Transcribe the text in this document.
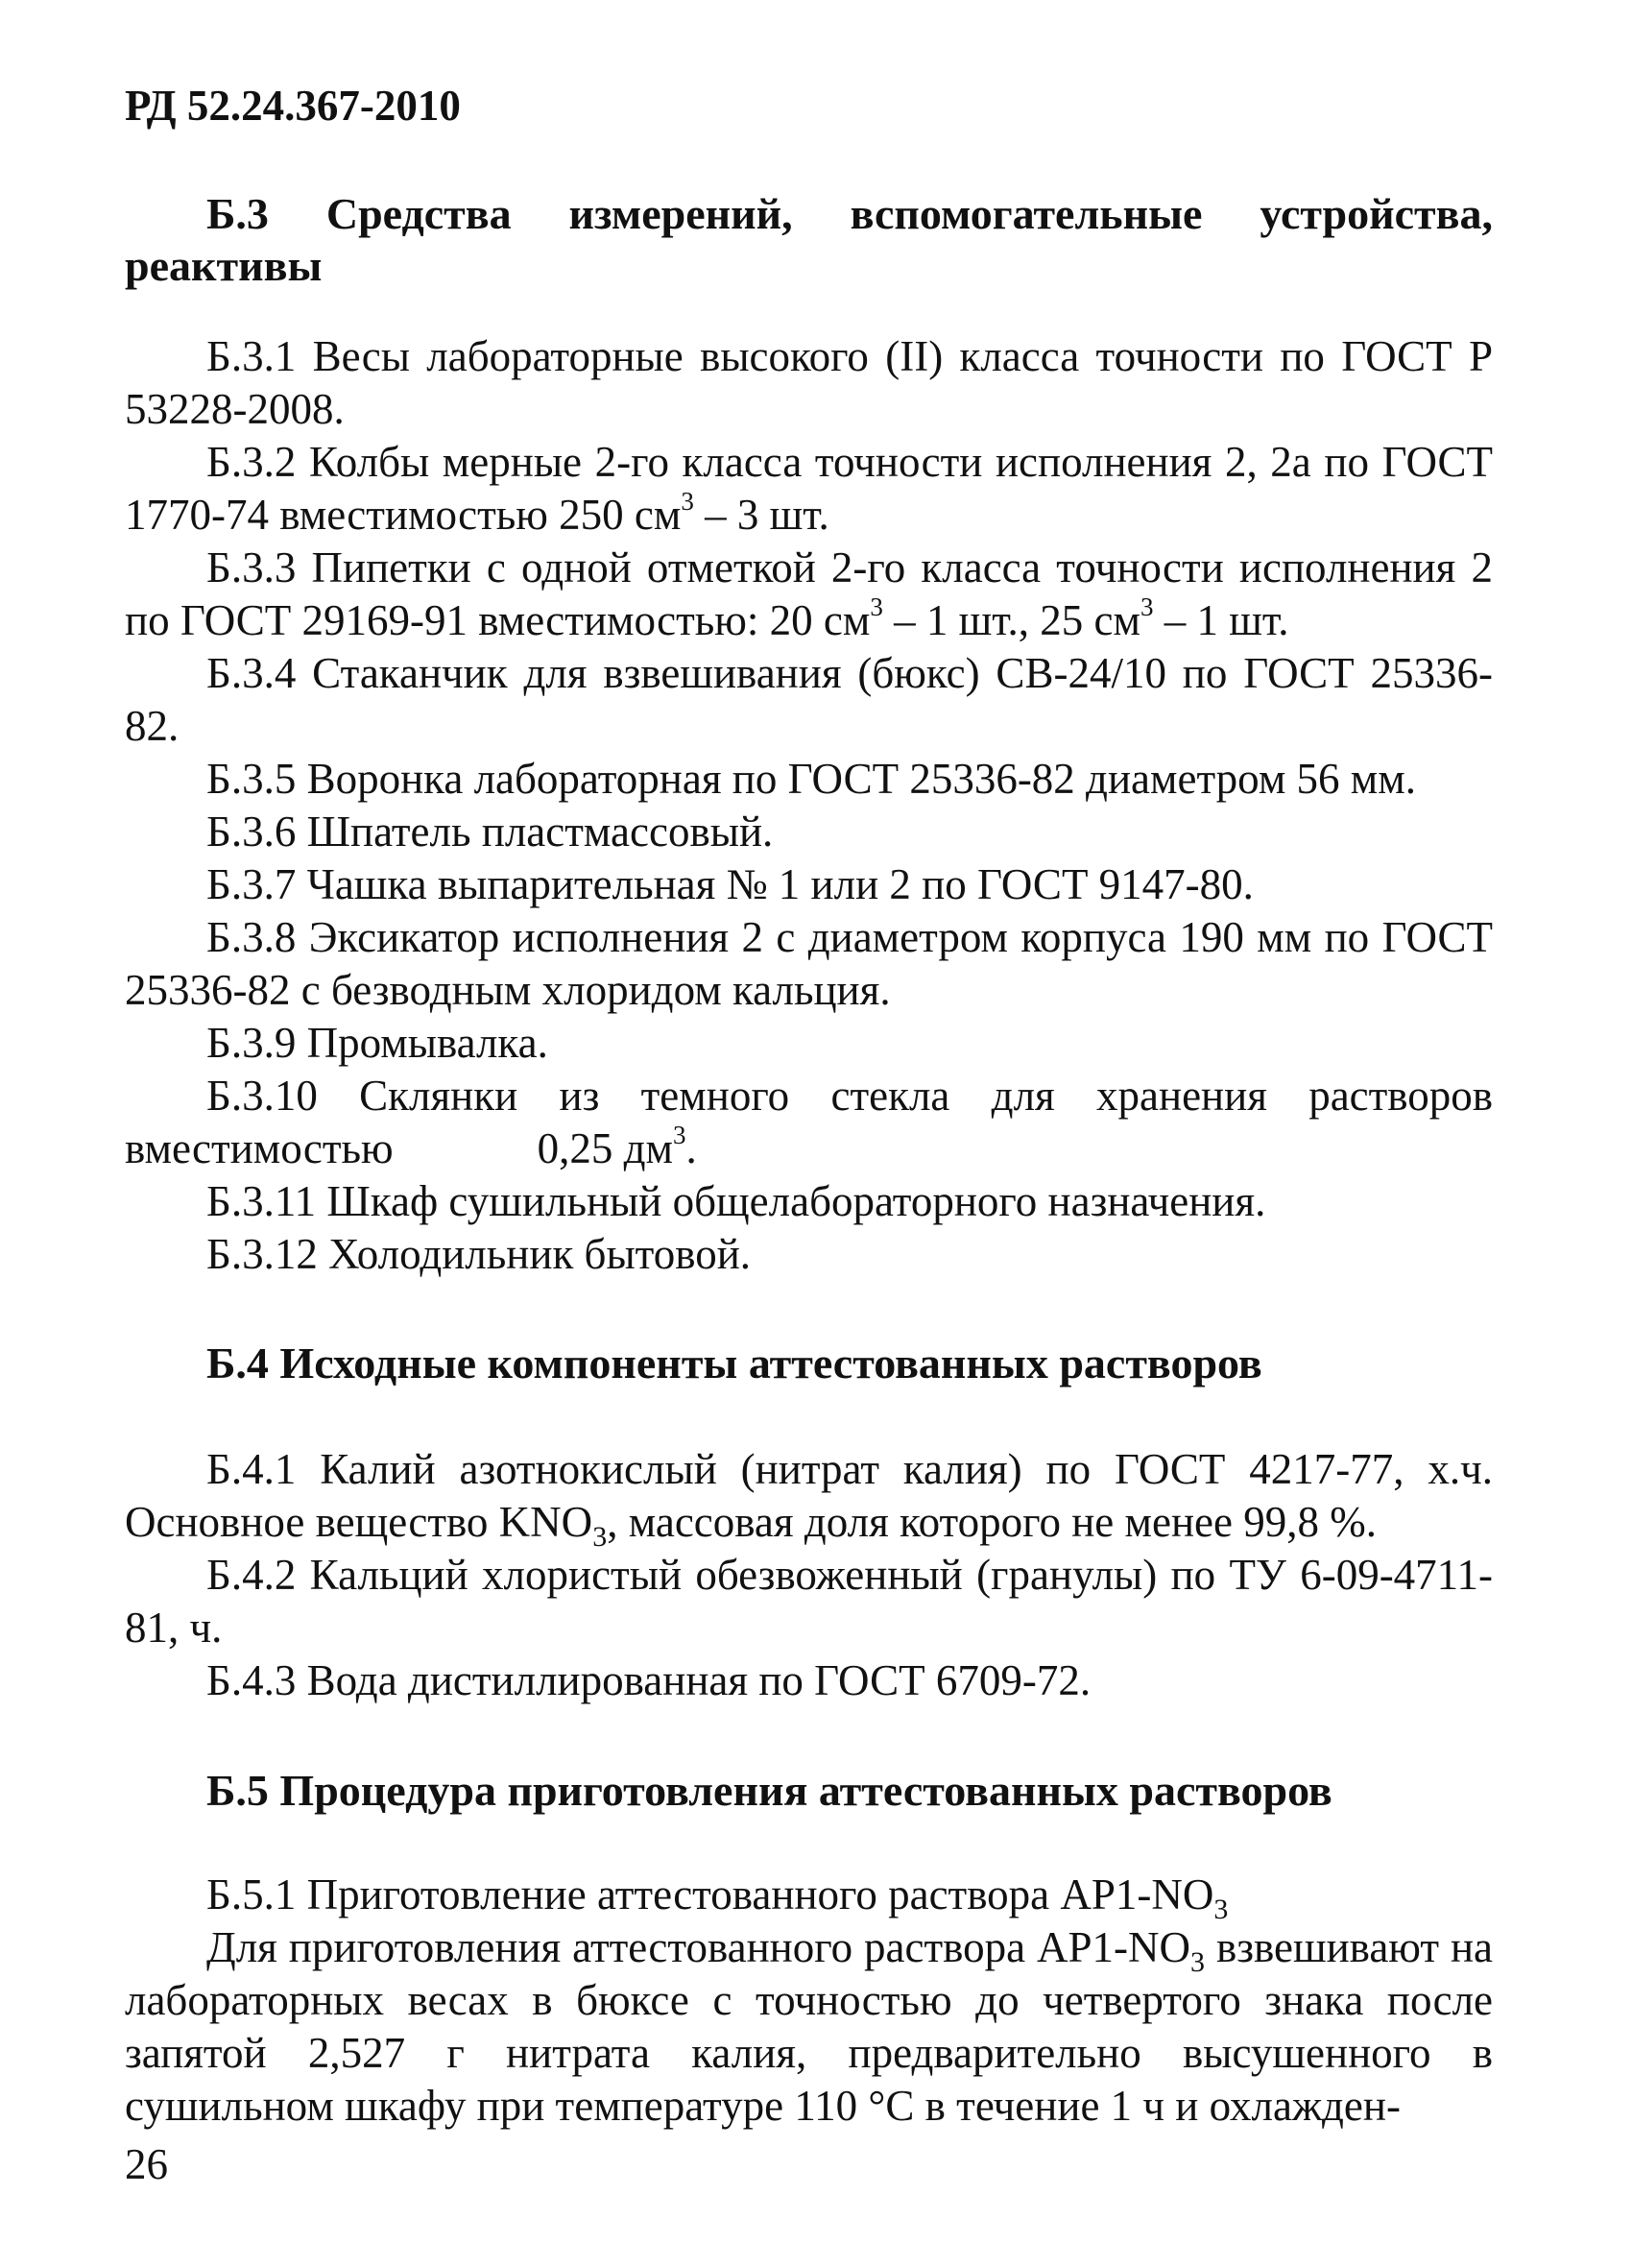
РД 52.24.367-2010
Б.3 Средства измерений, вспомогательные устройства,
реактивы
Б.3.1 Весы лабораторные высокого (II) класса точности по ГОСТ Р 53228-2008.
Б.3.2 Колбы мерные 2-го класса точности исполнения 2, 2а по ГОСТ 1770-74 вместимостью 250 $см^3 - 3$ шт.
Б.3.3 Пипетки с одной отметкой 2-го класса точности исполнения 2 по ГОСТ 29169-91 вместимостью: 20 $см^3 - 1$ шт., 25 $см^3 - 1$ шт.
Б.3.4 Стаканчик для взвешивания (бюкс) СВ-24/10 по ГОСТ 25336-82.
Б.3.5 Воронка лабораторная по ГОСТ 25336-82 диаметром 56 мм.
Б.3.6 Шпатель пластмассовый.
Б.3.7 Чашка выпарительная № 1 или 2 по ГОСТ 9147-80.
Б.3.8 Эксикатор исполнения 2 с диаметром корпуса 190 мм по ГОСТ 25336-82 с безводным хлоридом кальция.
Б.3.9 Промывалка.
Б.3.10 Склянки из темного стекла для хранения растворов вместимостью	0,25 $дм^3$.
Б.3.11 Шкаф сушильный общелабораторного назначения.
Б.3.12 Холодильник бытовой.
Б.4 Исходные компоненты аттестованных растворов
Б.4.1 Калий азотнокислый (нитрат калия) по ГОСТ 4217-77, х.ч. Основное вещество $KNO_3$, массовая доля которого не менее 99,8 %.
Б.4.2 Кальций хлористый обезвоженный (гранулы) по ТУ 6-09-4711-81, ч.
Б.4.3 Вода дистиллированная по ГОСТ 6709-72.
Б.5 Процедура приготовления аттестованных растворов
Б.5.1 Приготовление аттестованного раствора $АР1-NO_3$
Для приготовления аттестованного раствора $АР1-NO_3$ взвешивают на лабораторных весах в бюксе с точностью до четвертого знака после запятой 2,527 г нитрата калия, предварительно высушенного в сушильном шкафу при температуре 110 °С в течение 1 ч и охлажден-
26
